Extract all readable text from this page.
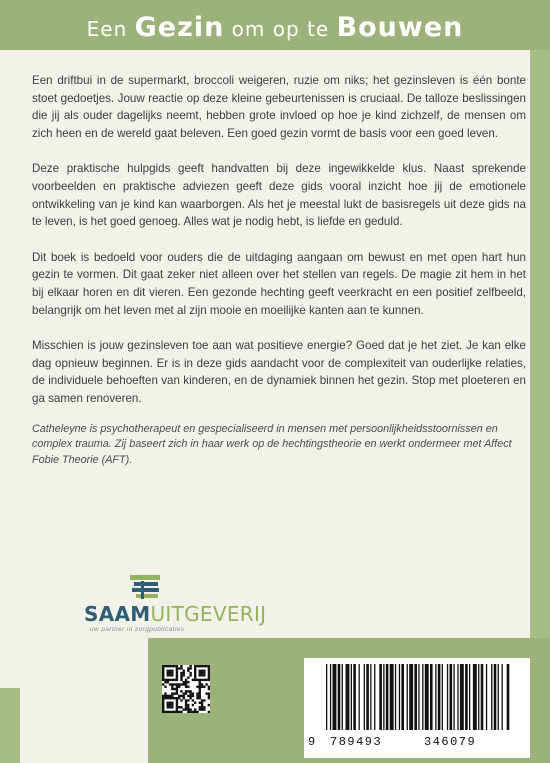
Een Gezin om op te Bouwen

Een driftbui in de supermarkt, broccoli weigeren, ruzie om niks; het gezinsleven is één bonte stoet gedoetjes. Jouw reactie op deze kleine gebeurtenissen is cruciaal. De talloze beslissingen die jij als ouder dagelijks neemt, hebben grote invloed op hoe je kind zichzelf, de mensen om zich heen en de wereld gaat beleven. Een goed gezin vormt de basis voor een goed leven.

Deze praktische hulpgids geeft handvatten bij deze ingewikkelde klus. Naast sprekende voorbeelden en praktische adviezen geeft deze gids vooral inzicht hoe jij de emotionele ontwikkeling van je kind kan waarborgen. Als het je meestal lukt de basisregels uit deze gids na te leven, is het goed genoeg. Alles wat je nodig hebt, is liefde en geduld.

Dit boek is bedoeld voor ouders die de uitdaging aangaan om bewust en met open hart hun gezin te vormen. Dit gaat zeker niet alleen over het stellen van regels. De magie zit hem in het bij elkaar horen en dit vieren. Een gezonde hechting geeft veerkracht en een positief zelfbeeld, belangrijk om het leven met al zijn mooie en moeilijke kanten aan te kunnen.

Misschien is jouw gezinsleven toe aan wat positieve energie? Goed dat je het ziet. Je kan elke dag opnieuw beginnen. Er is in deze gids aandacht voor de complexiteit van ouderlijke relaties, de individuele behoeften van kinderen, en de dynamiek binnen het gezin. Stop met ploeteren en ga samen renoveren.

Catheleyne is psychotherapeut en gespecialiseerd in mensen met persoonlijkheidsstoornissen en complex trauma. Zij baseert zich in haar werk op de hechtingstheorie en werkt ondermeer met Affect Fobie Theorie (AFT).

SAAMUITGEVERIJ
uw partner in zorgpublicaties
9 789493	346079
